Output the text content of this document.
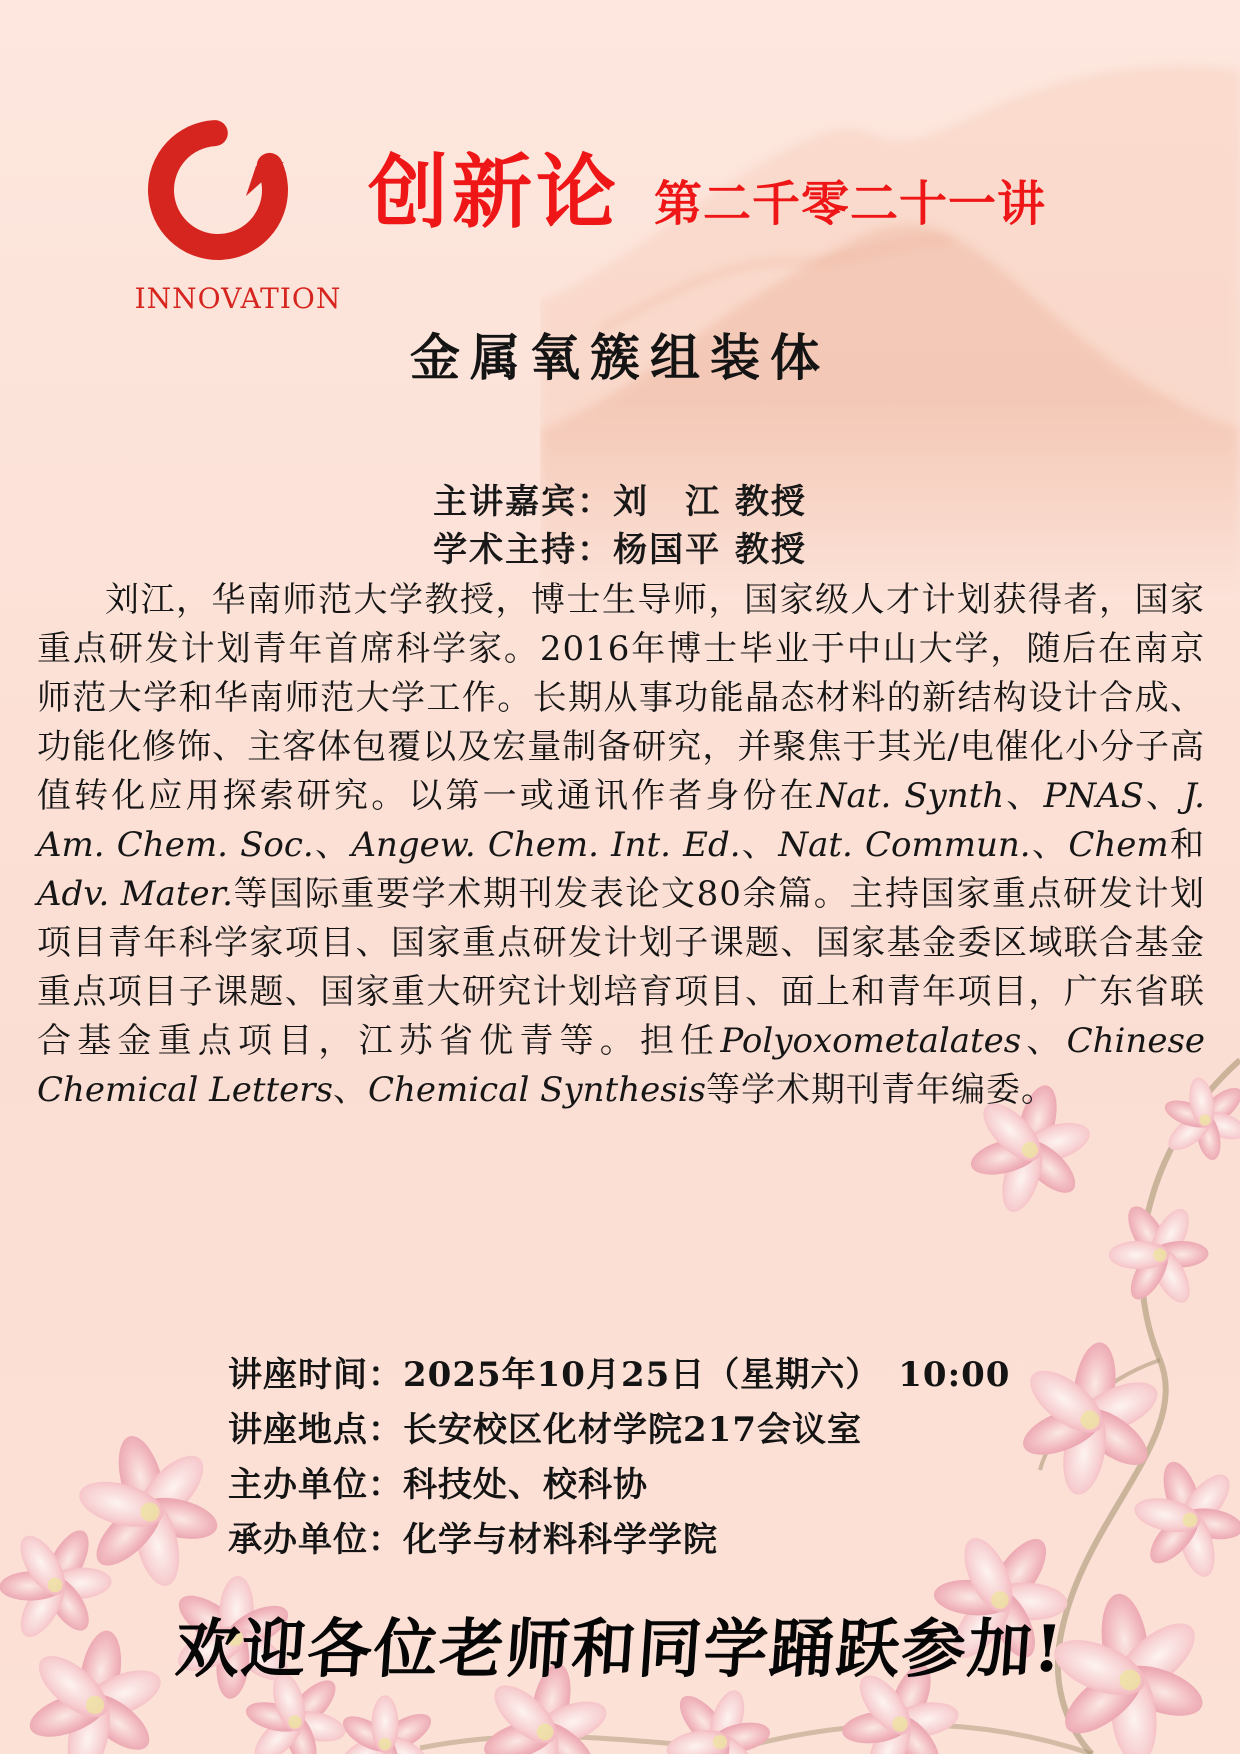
INNOVATION
创新论 第二千零二十一讲
金属氧簇组装体
主讲嘉宾：刘　江 教授
学术主持：杨国平 教授

刘江，华南师范大学教授，博士生导师，国家级人才计划获得者，国家重点研发计划青年首席科学家。2016年博士毕业于中山大学，随后在南京师范大学和华南师范大学工作。长期从事功能晶态材料的新结构设计合成、功能化修饰、主客体包覆以及宏量制备研究，并聚焦于其光/电催化小分子高值转化应用探索研究。以第一或通讯作者身份在Nat. Synth、PNAS、J. Am. Chem. Soc.、Angew. Chem. Int. Ed.、Nat. Commun.、Chem和Adv. Mater.等国际重要学术期刊发表论文80余篇。主持国家重点研发计划项目青年科学家项目、国家重点研发计划子课题、国家基金委区域联合基金重点项目子课题、国家重大研究计划培育项目、面上和青年项目，广东省联合基金重点项目，江苏省优青等。担任Polyoxometalates、Chinese Chemical Letters、Chemical Synthesis等学术期刊青年编委。

讲座时间：2025年10月25日（星期六）　10:00
讲座地点：长安校区化材学院217会议室
主办单位：科技处、校科协
承办单位：化学与材料科学学院
欢迎各位老师和同学踊跃参加!
